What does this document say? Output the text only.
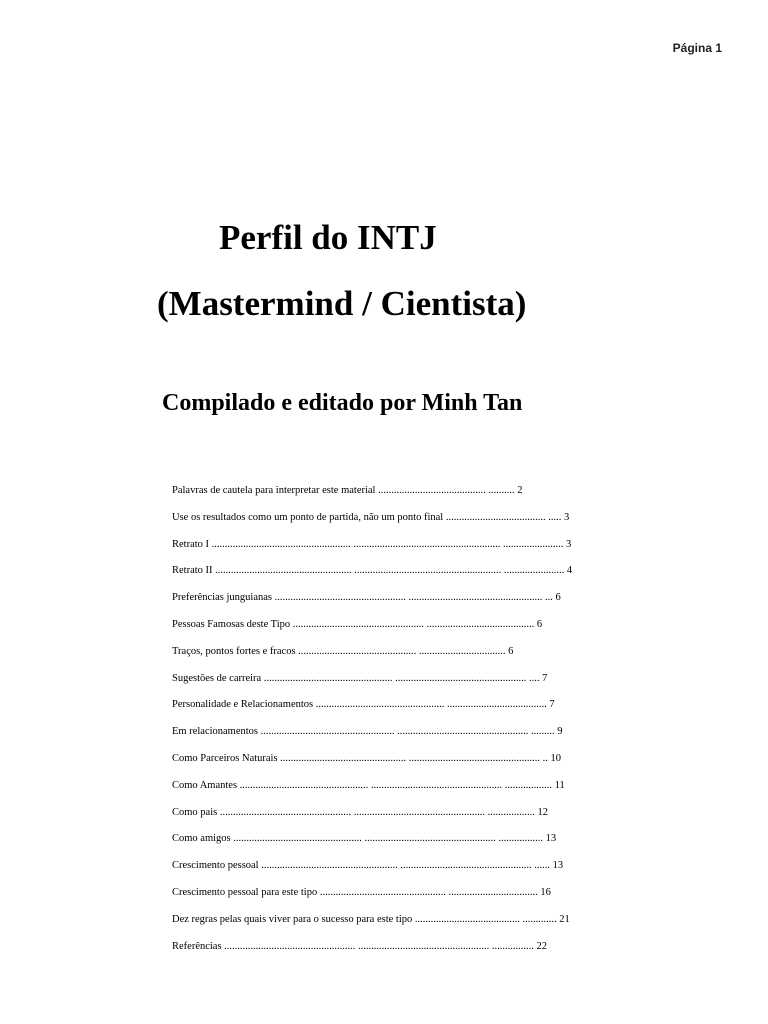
Página 1
Perfil do INTJ
(Mastermind / Cientista)
Compilado e editado por Minh Tan
Palavras de cautela para interpretar este material ......................................... .......... 2
Use os resultados como um ponto de partida, não um ponto final ...................................... ..... 3
Retrato I ..................................................... ........................................................ ....................... 3
Retrato II .................................................... ........................................................ ....................... 4
Preferências junguianas .................................................. ................................................... ... 6
Pessoas Famosas deste Tipo .................................................. ......................................... 6
Traços, pontos fortes e fracos ............................................. ................................. 6
Sugestões de carreira ................................................. .................................................. .... 7
Personalidade e Relacionamentos ................................................. ...................................... 7
Em relacionamentos ................................................... .................................................. ......... 9
Como Parceiros Naturais ................................................ .................................................. .. 10
Como Amantes ................................................. .................................................. .................. 11
Como pais .................................................. .................................................. .................. 12
Como amigos ................................................. .................................................. ................. 13
Crescimento pessoal .................................................... .................................................. ...... 13
Crescimento pessoal para este tipo ................................................ .................................. 16
Dez regras pelas quais viver para o sucesso para este tipo ........................................ ............. 21
Referências .................................................. .................................................. ................ 22
